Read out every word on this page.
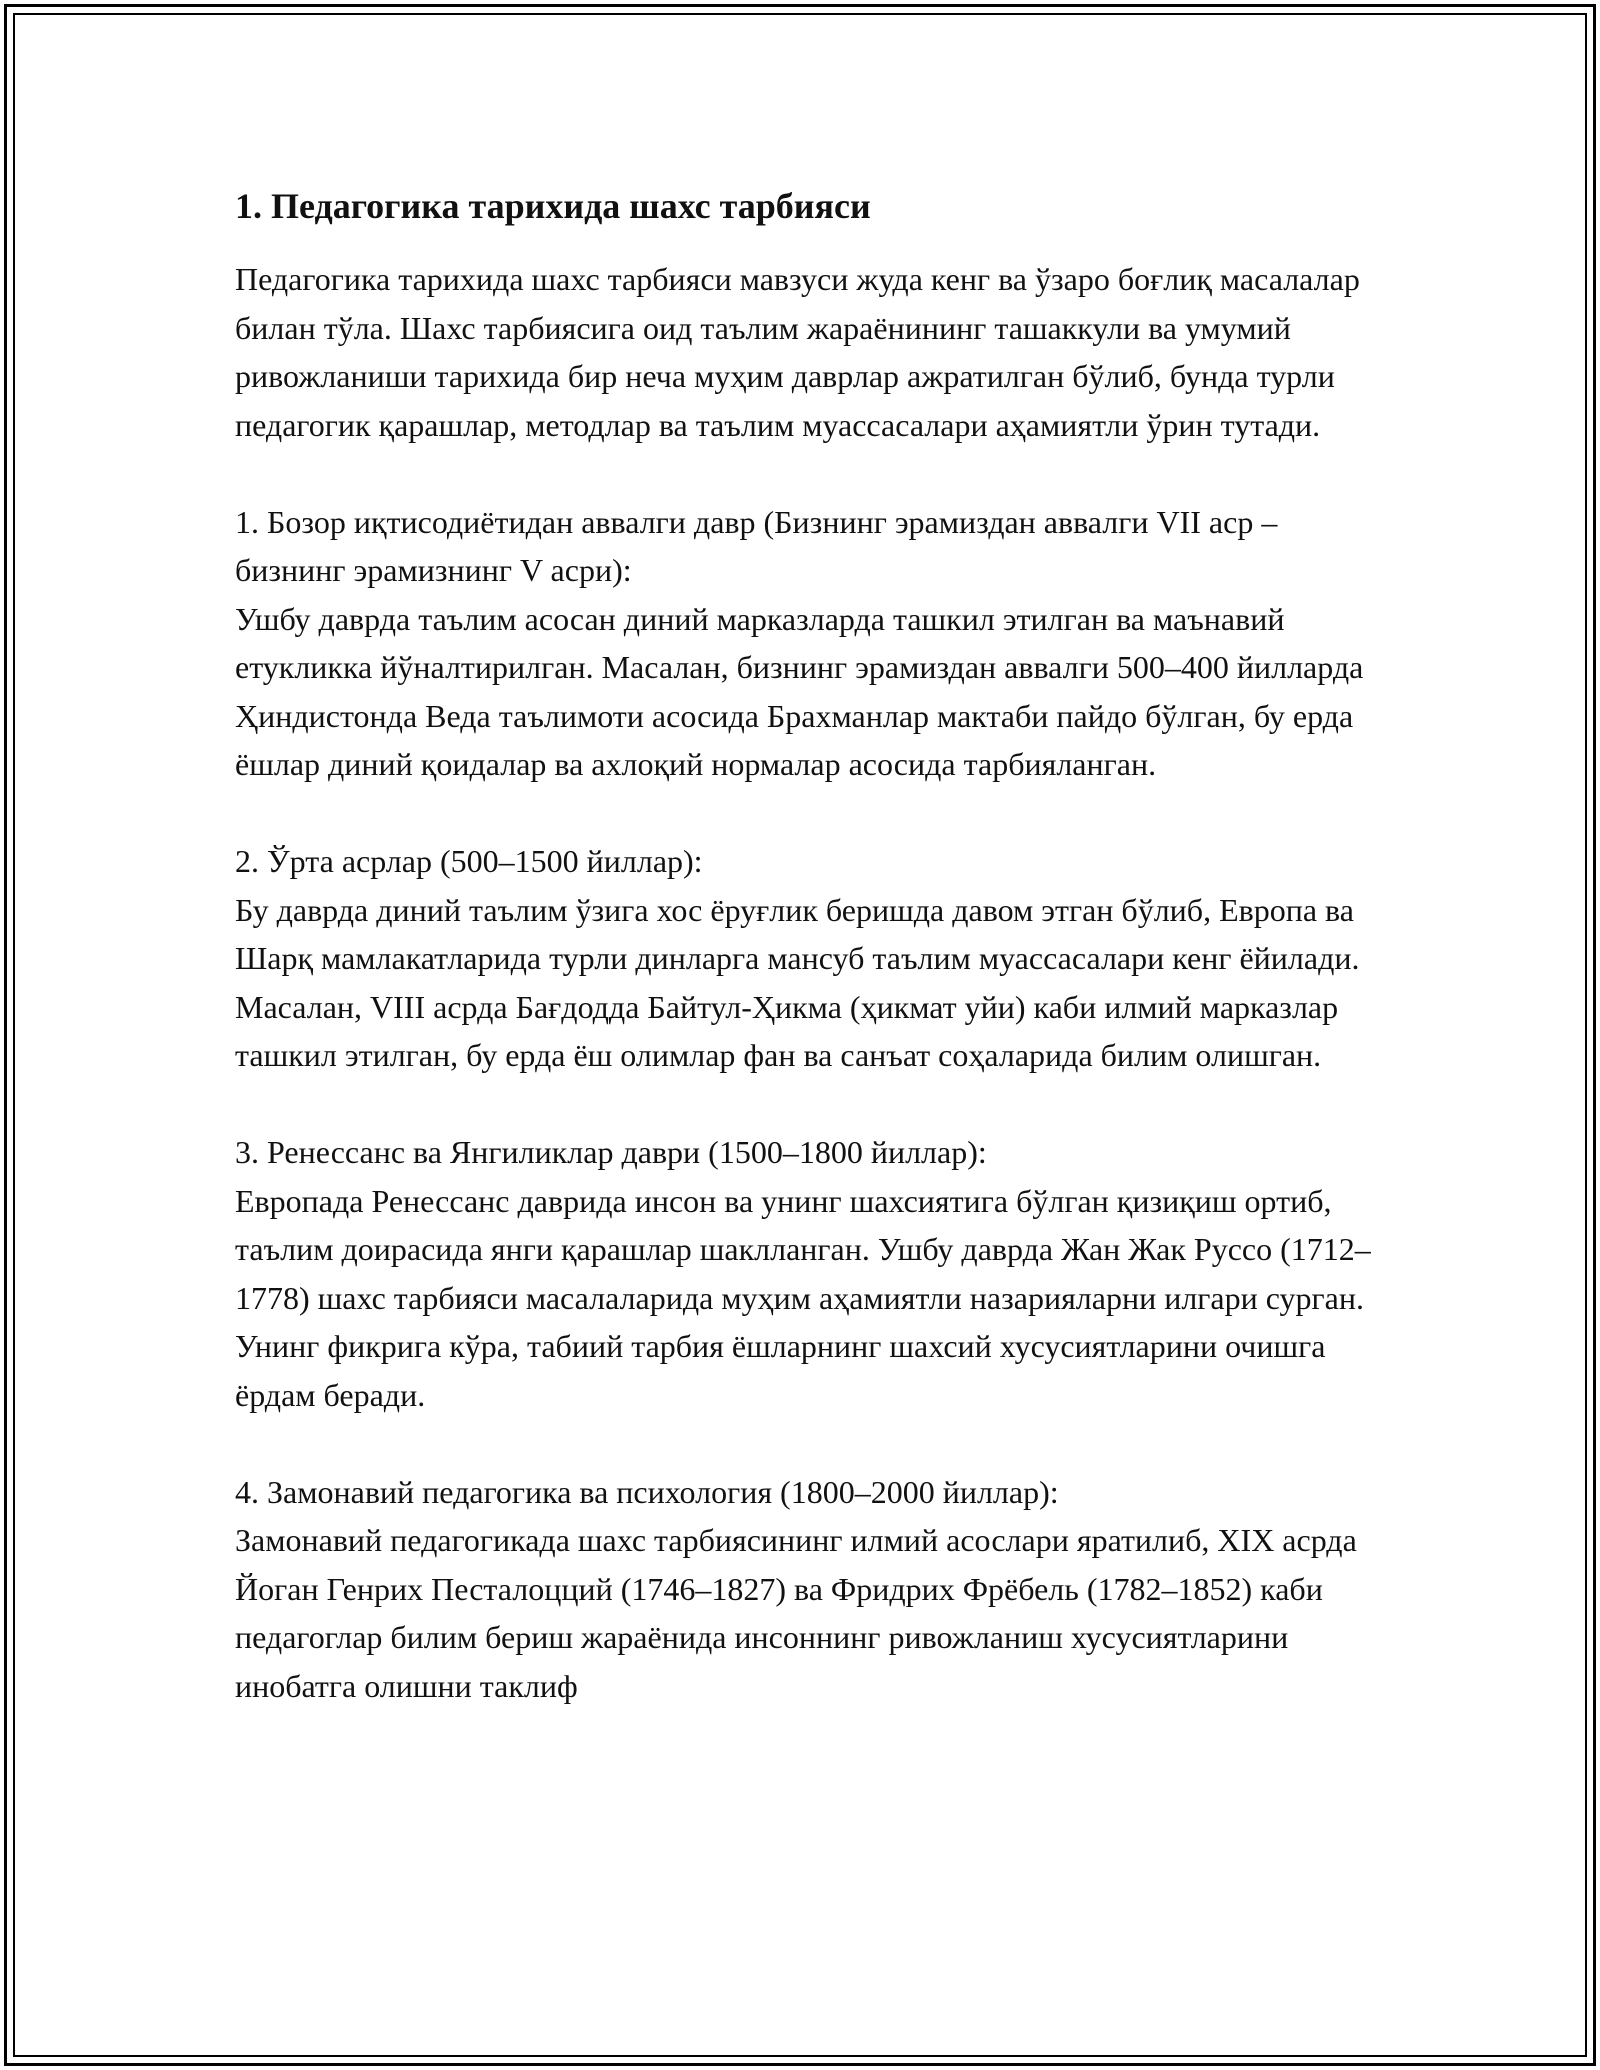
1. Педагогика тарихида шахс тарбияси

Педагогика тарихида шахс тарбияси мавзуси жуда кенг ва ўзаро боғлиқ масалалар билан тўла. Шахс тарбиясига оид таълим жараёнининг ташаккули ва умумий ривожланиши тарихида бир неча муҳим даврлар ажратилган бўлиб, бунда турли педагогик қарашлар, методлар ва таълим муассасалари аҳамиятли ўрин тутади.

1. Бозор иқтисодиётидан аввалги давр (Бизнинг эрамиздан аввалги VII аср – бизнинг эрамизнинг V асри):

Ушбу даврда таълим асосан диний марказларда ташкил этилган ва маънавий етукликка йўналтирилган. Масалан, бизнинг эрамиздан аввалги 500–400 йилларда Ҳиндистонда Веда таълимоти асосида Брахманлар мактаби пайдо бўлган, бу ерда ёшлар диний қоидалар ва ахлоқий нормалар асосида тарбияланган.

2. Ўрта асрлар (500–1500 йиллар):

Бу даврда диний таълим ўзига хос ёруғлик беришда давом этган бўлиб, Европа ва Шарқ мамлакатларида турли динларга мансуб таълим муассасалари кенг ёйилади. Масалан, VIII асрда Бағдодда Байтул-Ҳикма (ҳикмат уйи) каби илмий марказлар ташкил этилган, бу ерда ёш олимлар фан ва санъат соҳаларида билим олишган.

3. Ренессанс ва Янгиликлар даври (1500–1800 йиллар):

Европада Ренессанс даврида инсон ва унинг шахсиятига бўлган қизиқиш ортиб, таълим доирасида янги қарашлар шаклланган. Ушбу даврда Жан Жак Руссо (1712–1778) шахс тарбияси масалаларида муҳим аҳамиятли назарияларни илгари сурган. Унинг фикрига кўра, табиий тарбия ёшларнинг шахсий хусусиятларини очишга ёрдам беради.

4. Замонавий педагогика ва психология (1800–2000 йиллар):

Замонавий педагогикада шахс тарбиясининг илмий асослари яратилиб, XIX асрда Йоган Генрих Песталоцций (1746–1827) ва Фридрих Фрёбель (1782–1852) каби педагоглар билим бериш жараёнида инсоннинг ривожланиш хусусиятларини инобатга олишни таклиф
